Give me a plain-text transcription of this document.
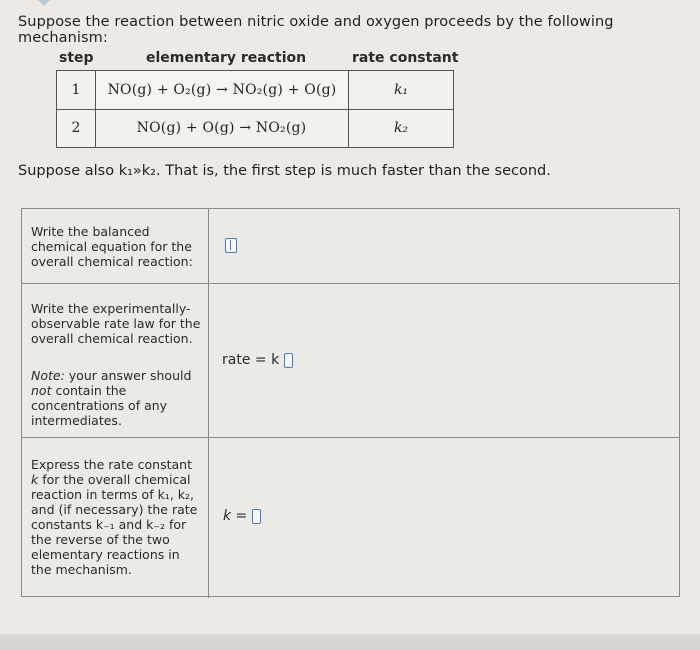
Suppose the reaction between nitric oxide and oxygen proceeds by the following mechanism:
step	elementary reaction	rate constant
1	NO(g) + O₂(g) → NO₂(g) + O(g)	k₁
2	NO(g) + O(g) → NO₂(g)	k₂
Suppose also k₁»k₂. That is, the first step is much faster than the second.
Write the balanced chemical equation for the overall chemical reaction:
Write the experimentally-observable rate law for the overall chemical reaction.
Note: your answer should not contain the concentrations of any intermediates.
rate = k
Express the rate constant k for the overall chemical reaction in terms of k₁, k₂, and (if necessary) the rate constants k₋₁ and k₋₂ for the reverse of the two elementary reactions in the mechanism.
k =
